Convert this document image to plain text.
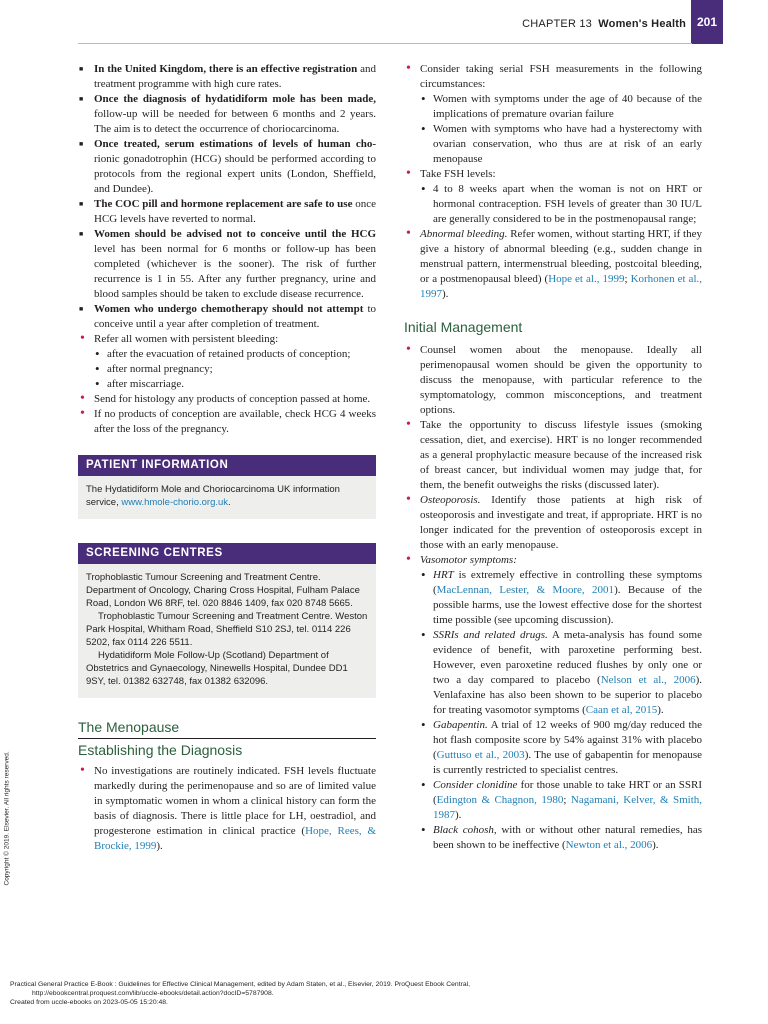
CHAPTER 13 Women's Health 201
■ In the United Kingdom, there is an effective registration and treatment programme with high cure rates.
■ Once the diagnosis of hydatidiform mole has been made, follow-up will be needed for between 6 months and 2 years. The aim is to detect the occurrence of choriocarcinoma.
■ Once treated, serum estimations of levels of human cho- rionic gonadotrophin (HCG) should be performed according to protocols from the regional expert units (London, Sheffield, and Dundee).
■ The COC pill and hormone replacement are safe to use once HCG levels have reverted to normal.
■ Women should be advised not to conceive until the HCG level has been normal for 6 months or follow-up has been completed (whichever is the sooner). The risk of further recurrence is 1 in 55. After any further pregnancy, urine and blood samples should be taken to exclude disease recurrence.
■ Women who undergo chemotherapy should not attempt to conceive until a year after completion of treatment.
• Refer all women with persistent bleeding:
• after the evacuation of retained products of conception;
• after normal pregnancy;
• after miscarriage.
• Send for histology any products of conception passed at home.
• If no products of conception are available, check HCG 4 weeks after the loss of the pregnancy.
PATIENT INFORMATION

The Hydatidiform Mole and Choriocarcinoma UK information service, www.hmole-chorio.org.uk.

SCREENING CENTRES

Trophoblastic Tumour Screening and Treatment Centre. Department of Oncology, Charing Cross Hospital, Fulham Palace Road, London W6 8RF, tel. 020 8846 1409, fax 020 8748 5665.

Trophoblastic Tumour Screening and Treatment Centre. Weston Park Hospital, Whitham Road, Sheffield S10 2SJ, tel. 0114 226 5202, fax 0114 226 5511.

Hydatidiform Mole Follow-Up (Scotland) Department of Obstetrics and Gynaecology, Ninewells Hospital, Dundee DD1 9SY, tel. 01382 632748, fax 01382 632096.

The Menopause
Establishing the Diagnosis
• No investigations are routinely indicated. FSH levels fluctuate markedly during the perimenopause and so are of limited value in symptomatic women in whom a clinical history can form the basis of diagnosis. There is little place for LH, oestradiol, and progesterone estimation in clinical practice (Hope, Rees, & Brockie, 1999).
• Consider taking serial FSH measurements in the following circumstances:
• Women with symptoms under the age of 40 because of the implications of premature ovarian failure
• Women with symptoms who have had a hysterectomy with ovarian conservation, who thus are at risk of an early menopause
• Take FSH levels:
• 4 to 8 weeks apart when the woman is not on HRT or hormonal contraception. FSH levels of greater than 30 IU/L are generally considered to be in the postmenopausal range;
• Abnormal bleeding. Refer women, without starting HRT, if they give a history of abnormal bleeding (e.g., sudden change in menstrual pattern, intermenstrual bleeding, postcoital bleeding, or a postmenopausal bleed) (Hope et al., 1999; Korhonen et al., 1997).
Initial Management
• Counsel women about the menopause. Ideally all perimenopausal women should be given the opportunity to discuss the menopause, with particular reference to the symptomatology, common misconceptions, and treatment options.
• Take the opportunity to discuss lifestyle issues (smoking cessation, diet, and exercise). HRT is no longer recommended as a general prophylactic measure because of the increased risk of breast cancer, but individual women may judge that, for them, the benefit outweighs the risks (discussed later).
• Osteoporosis. Identify those patients at high risk of osteoporosis and investigate and treat, if appropriate. HRT is no longer indicated for the prevention of osteoporosis except in those with an early menopause.
• Vasomotor symptoms:
• HRT is extremely effective in controlling these symptoms (MacLennan, Lester, & Moore, 2001). Because of the possible harms, use the lowest effective dose for the shortest time possible (see upcoming discussion).
• SSRIs and related drugs. A meta-analysis has found some evidence of benefit, with paroxetine performing best. However, even paroxetine reduced flushes by only one or two a day compared to placebo (Nelson et al., 2006). Venlafaxine has also been shown to be superior to placebo for treating vasomotor symptoms (Caan et al, 2015).
• Gabapentin. A trial of 12 weeks of 900 mg/day reduced the hot flash composite score by 54% against 31% with placebo (Guttuso et al., 2003). The use of gabapentin for menopause is currently restricted to specialist centres.
• Consider clonidine for those unable to take HRT or an SSRI (Edington & Chagnon, 1980; Nagamani, Kelver, & Smith, 1987).
• Black cohosh, with or without other natural remedies, has been shown to be ineffective (Newton et al., 2006).
Copyright © 2019. Elsevier. All rights reserved.
Practical General Practice E-Book : Guidelines for Effective Clinical Management, edited by Adam Staten, et al., Elsevier, 2019. ProQuest Ebook Central,
http://ebookcentral.proquest.com/lib/uccle-ebooks/detail.action?docID=5787908.
Created from uccle-ebooks on 2023-05-05 15:20:48.
